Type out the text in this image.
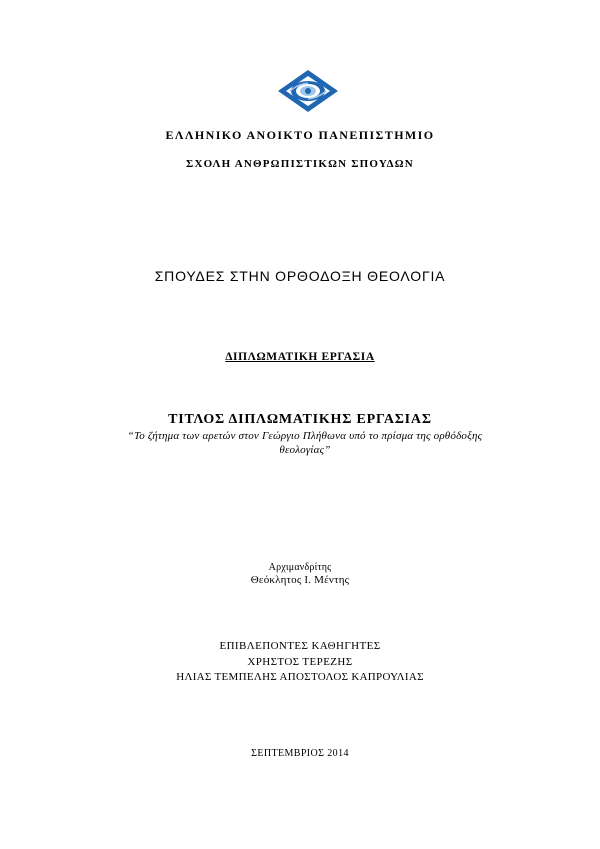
ΕΛΛΗΝΙΚΟ ΑΝΟΙΚΤΟ ΠΑΝΕΠΙΣΤΗΜΙΟ
ΣΧΟΛΗ ΑΝΘΡΩΠΙΣΤΙΚΩΝ ΣΠΟΥΔΩΝ
ΣΠΟΥΔΕΣ ΣΤΗΝ ΟΡΘΟΔΟΞΗ ΘΕΟΛΟΓΙΑ
ΔΙΠΛΩΜΑΤΙΚΗ ΕΡΓΑΣΙΑ
ΤΙΤΛΟΣ ΔΙΠΛΩΜΑΤΙΚΗΣ ΕΡΓΑΣΙΑΣ
“Το ζήτημα των αρετών στον Γεώργιο Πλήθωνα υπό το πρίσμα της ορθόδοξης θεολογίας”
Αρχιμανδρίτης
Θεόκλητος Ι. Μέντης
ΕΠΙΒΛΕΠΟΝΤΕΣ ΚΑΘΗΓΗΤΕΣ
ΧΡΗΣΤΟΣ ΤΕΡΕΖΗΣ
ΗΛΙΑΣ ΤΕΜΠΕΛΗΣ ΑΠΟΣΤΟΛΟΣ ΚΑΠΡΟΥΛΙΑΣ
ΣΕΠΤΕΜΒΡΙΟΣ 2014
